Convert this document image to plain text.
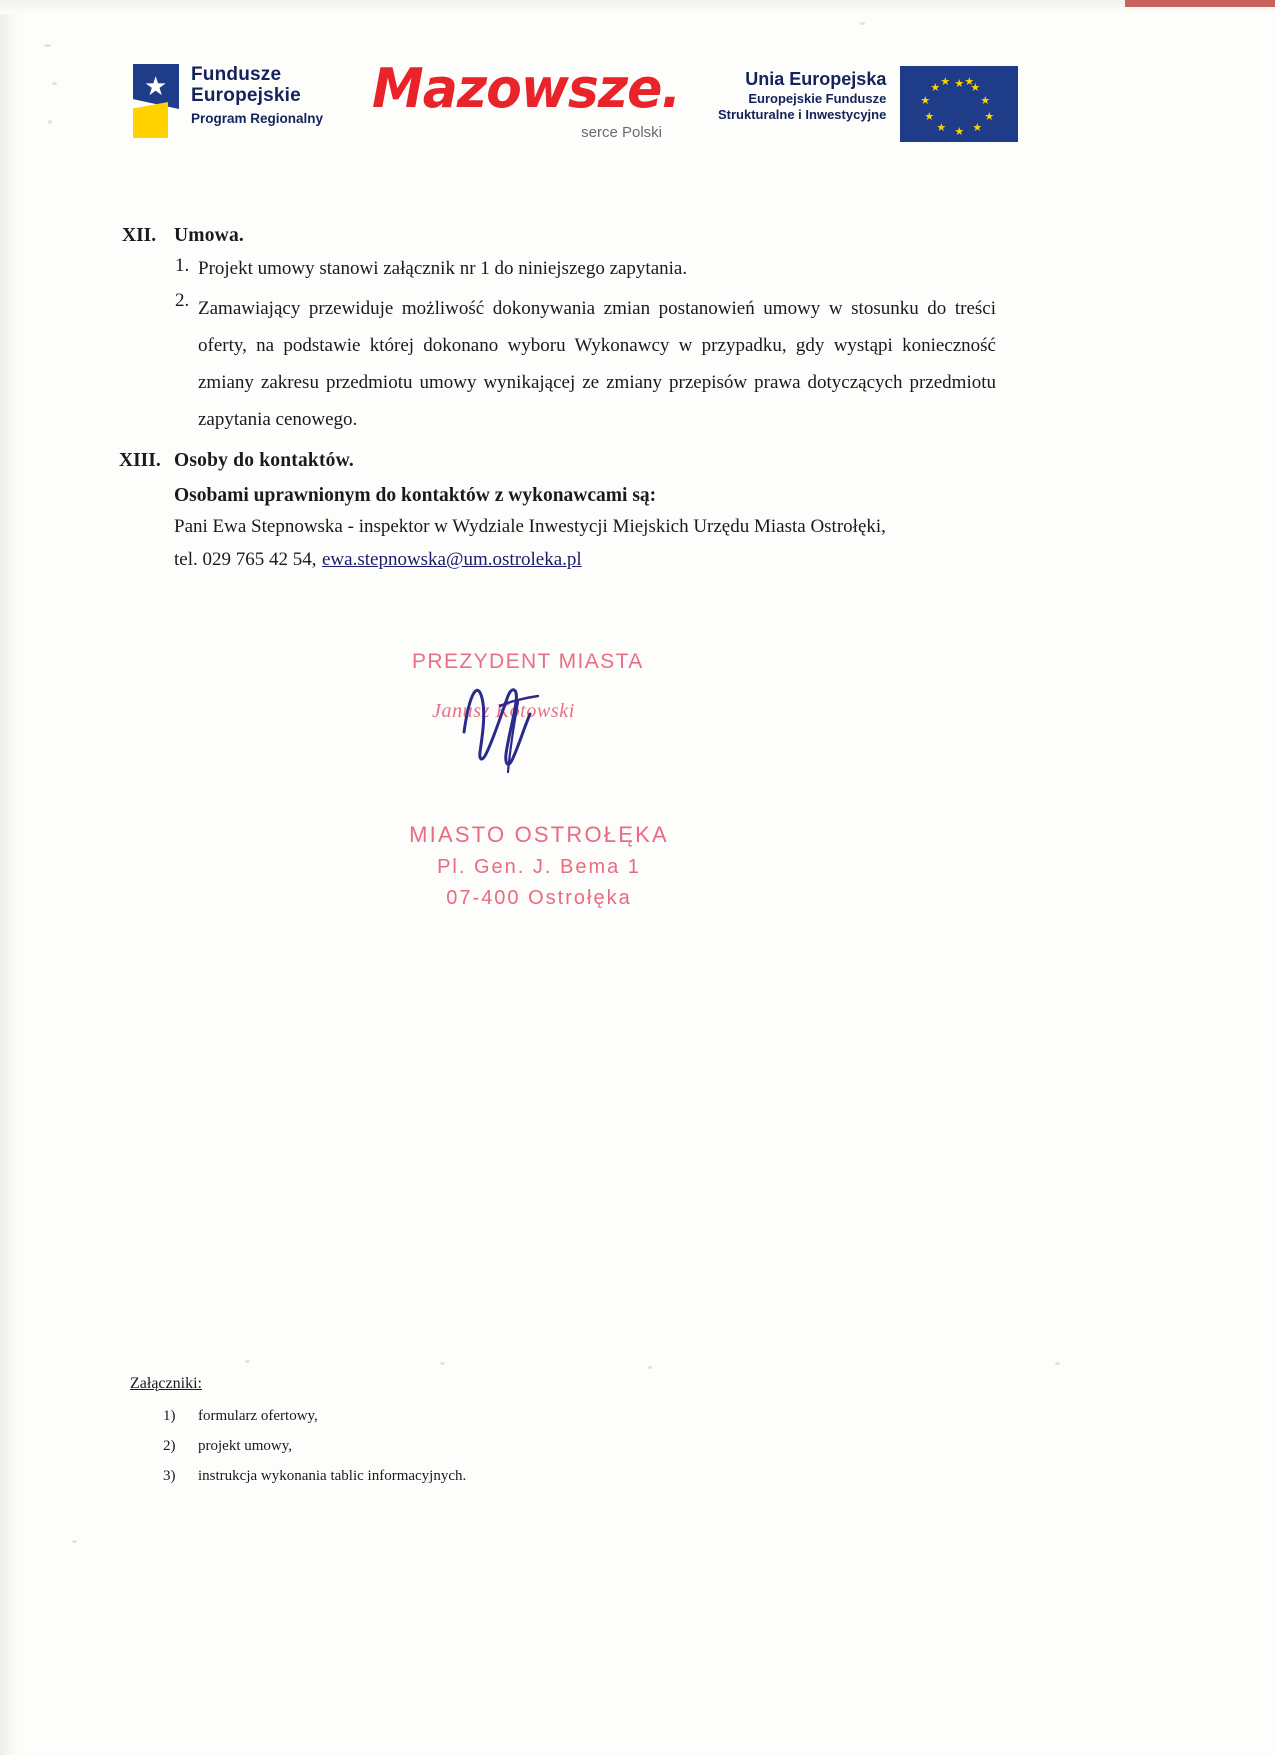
★ Fundusze
Europejskie
Program Regionalny Mazowsze.
serce Polski
Unia Europejska
Europejskie Fundusze
Strukturalne i Inwestycyjne
★ ★
★
★
★
★
★
★
★
★ ★ ★
XII. Umowa.
1. Projekt umowy stanowi załącznik nr 1 do niniejszego zapytania.
2. Zamawiający przewiduje możliwość dokonywania zmian postanowień umowy w stosunku do treści oferty, na podstawie której dokonano wyboru Wykonawcy w przypadku, gdy wystąpi konieczność zmiany zakresu przedmiotu umowy wynikającej ze zmiany przepisów prawa dotyczących przedmiotu zapytania cenowego.
XIII. Osoby do kontaktów.
Osobami uprawnionym do kontaktów z wykonawcami są:
Pani Ewa Stepnowska - inspektor w Wydziale Inwestycji Miejskich Urzędu Miasta Ostrołęki,
tel. 029 765 42 54, ewa.stepnowska@um.ostroleka.pl
PREZYDENT MIASTA
Janusz Kotowski
MIASTO OSTROŁĘKA
Pl. Gen. J. Bema 1
07-400 Ostrołęka
Załączniki:
1) formularz ofertowy,
2) projekt umowy,
3) instrukcja wykonania tablic informacyjnych.
